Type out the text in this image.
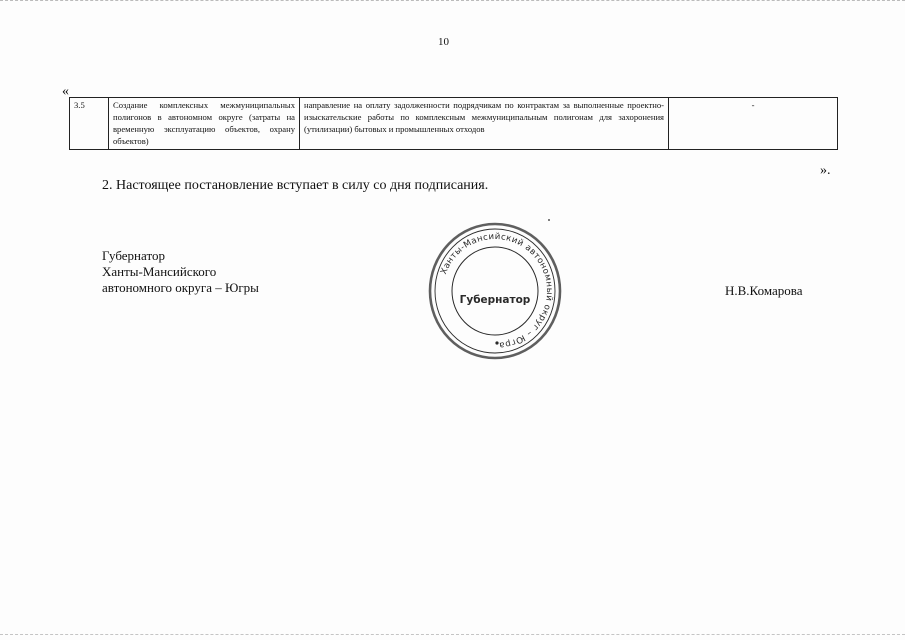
10
«
3.5	Создание комплексных межмуниципальных полигонов в автономном округе (затраты на временную эксплуатацию объектов, охрану объектов)	направление на оплату задолженности подрядчикам по контрактам за выполненные проектно-изыскательские работы по комплексным межмуниципальным полигонам для захоронения (утилизации) бытовых и промышленных отходов	-
».
2. Настоящее постановление вступает в силу со дня подписания.
Губернатор
Ханты-Мансийского
автономного округа – Югры
Ханты-Мансийский автономный округ – Югра
Губернатор
Н.В.Комарова
